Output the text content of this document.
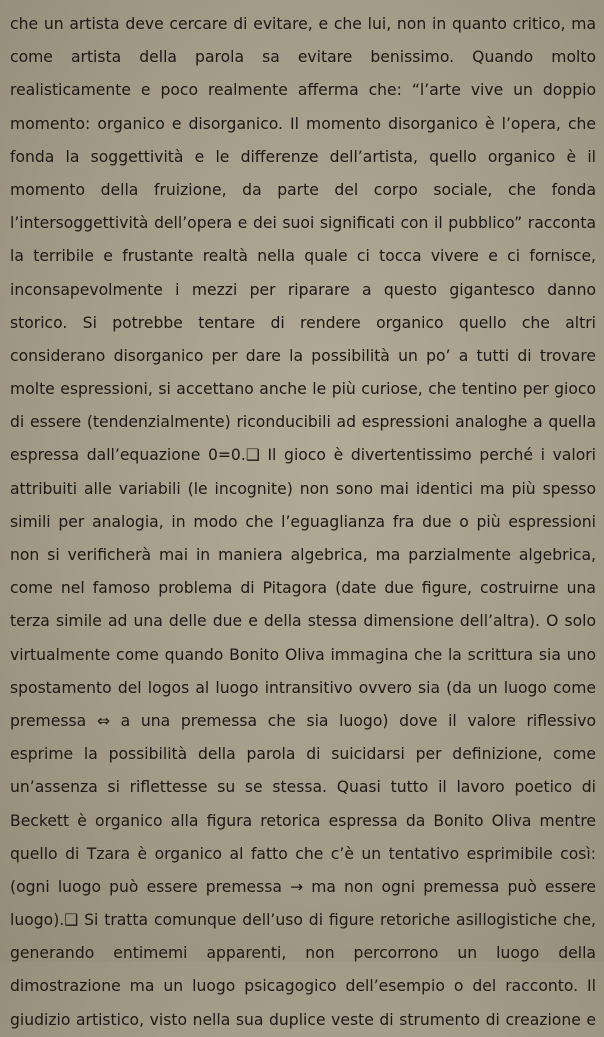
che un artista deve cercare di evitare, e che lui, non in quanto critico, ma
come artista della parola sa evitare benissimo. Quando molto
realisticamente e poco realmente afferma che: “l’arte vive un doppio
momento: organico e disorganico. Il momento disorganico è l’opera, che
fonda la soggettività e le differenze dell’artista, quello organico è il
momento della fruizione, da parte del corpo sociale, che fonda
l’intersoggettività dell’opera e dei suoi significati con il pubblico” racconta
la terribile e frustante realtà nella quale ci tocca vivere e ci fornisce,
inconsapevolmente i mezzi per riparare a questo gigantesco danno
storico. Si potrebbe tentare di rendere organico quello che altri
considerano disorganico per dare la possibilità un po’ a tutti di trovare
molte espressioni, si accettano anche le più curiose, che tentino per gioco
di essere (tendenzialmente) riconducibili ad espressioni analoghe a quella
espressa dall’equazione 0=0.❑ Il gioco è divertentissimo perché i valori
attribuiti alle variabili (le incognite) non sono mai identici ma più spesso
simili per analogia, in modo che l’eguaglianza fra due o più espressioni
non si verificherà mai in maniera algebrica, ma parzialmente algebrica,
come nel famoso problema di Pitagora (date due figure, costruirne una
terza simile ad una delle due e della stessa dimensione dell’altra). O solo
virtualmente come quando Bonito Oliva immagina che la scrittura sia uno
spostamento del logos al luogo intransitivo ovvero sia (da un luogo come
premessa ⇔ a una premessa che sia luogo) dove il valore riflessivo
esprime la possibilità della parola di suicidarsi per definizione, come
un’assenza si riflettesse su se stessa. Quasi tutto il lavoro poetico di
Beckett è organico alla figura retorica espressa da Bonito Oliva mentre
quello di Tzara è organico al fatto che c’è un tentativo esprimibile così:
(ogni luogo può essere premessa → ma non ogni premessa può essere
luogo).❑ Si tratta comunque dell’uso di figure retoriche asillogistiche che,
generando entimemi apparenti, non percorrono un luogo della
dimostrazione ma un luogo psicagogico dell’esempio o del racconto. Il
giudizio artistico, visto nella sua duplice veste di strumento di creazione e
